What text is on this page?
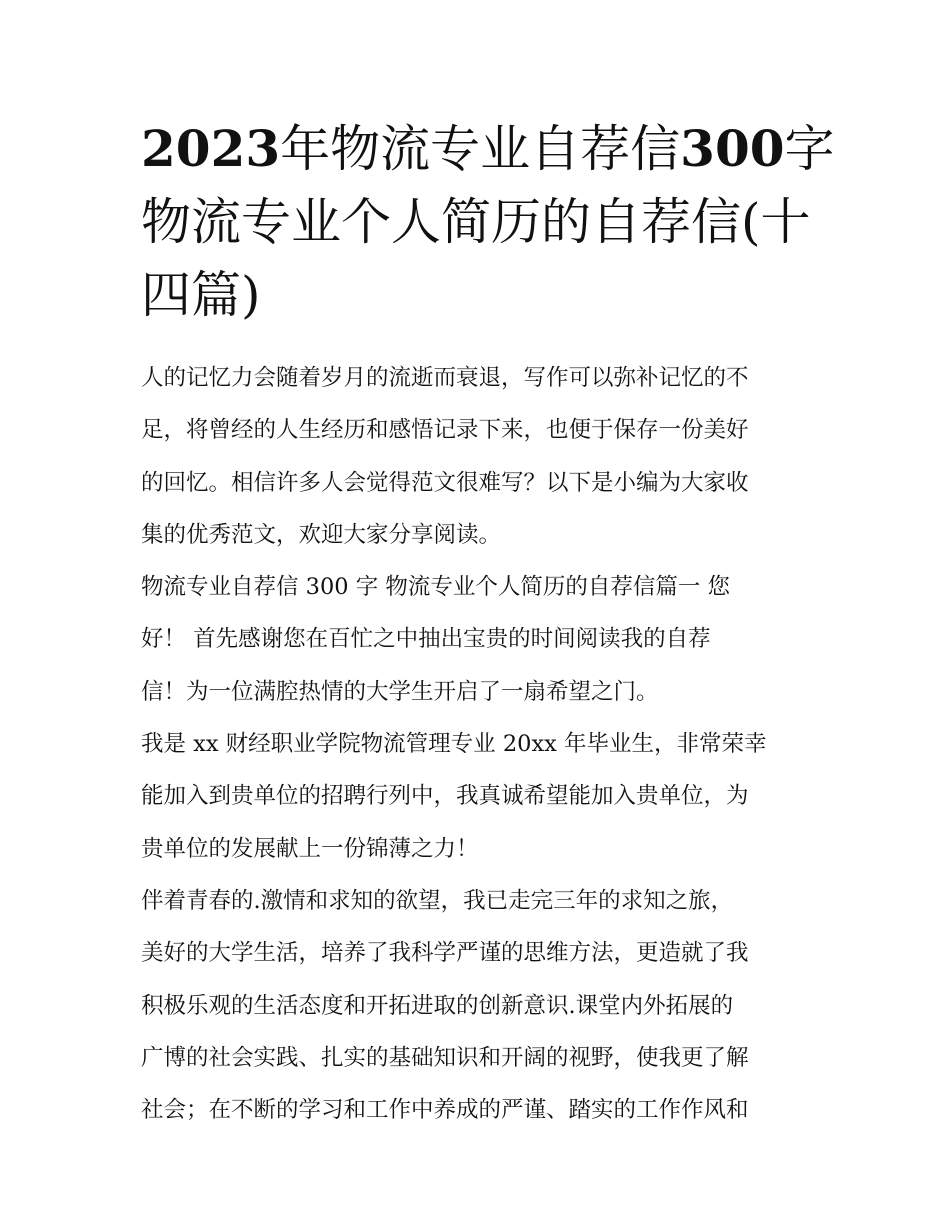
2023年物流专业自荐信300字
物流专业个人简历的自荐信(十
四篇)

人的记忆力会随着岁月的流逝而衰退，写作可以弥补记忆的不
足，将曾经的人生经历和感悟记录下来，也便于保存一份美好
的回忆。相信许多人会觉得范文很难写？以下是小编为大家收
集的优秀范文，欢迎大家分享阅读。

物流专业自荐信 300 字 物流专业个人简历的自荐信篇一 您
好！ 首先感谢您在百忙之中抽出宝贵的时间阅读我的自荐
信！为一位满腔热情的大学生开启了一扇希望之门。

我是 xx 财经职业学院物流管理专业 20xx 年毕业生，非常荣幸
能加入到贵单位的招聘行列中，我真诚希望能加入贵单位，为
贵单位的发展献上一份锦薄之力！

伴着青春的.激情和求知的欲望，我已走完三年的求知之旅，
美好的大学生活，培养了我科学严谨的思维方法，更造就了我
积极乐观的生活态度和开拓进取的创新意识.课堂内外拓展的
广博的社会实践、扎实的基础知识和开阔的视野，使我更了解
社会；在不断的学习和工作中养成的严谨、踏实的工作作风和
